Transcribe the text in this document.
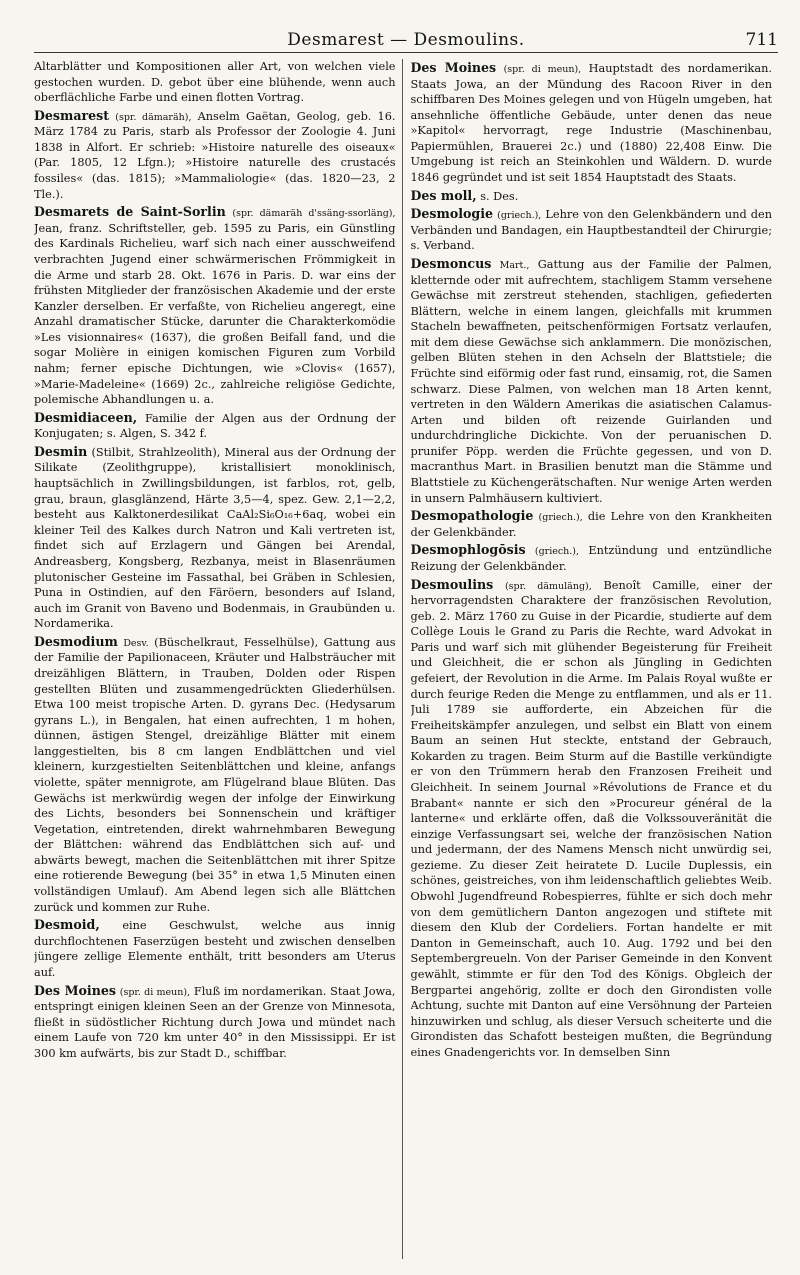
Desmarest — Desmoulins.	711

Altarblätter und Kompositionen aller Art, von welchen viele gestochen wurden. D. gebot über eine blühende, wenn auch oberflächliche Farbe und einen flotten Vortrag.

Desmarest (spr. dämaräh), Anselm Gaëtan, Geolog, geb. 16. März 1784 zu Paris, starb als Professor der Zoologie 4. Juni 1838 in Alfort. Er schrieb: »Histoire naturelle des oiseaux« (Par. 1805, 12 Lfgn.); »Histoire naturelle des crustacés fossiles« (das. 1815); »Mammaliologie« (das. 1820—23, 2 Tle.).

Desmarets de Saint-Sorlin (spr. dämaräh d'ssäng-ssorläng), Jean, franz. Schriftsteller, geb. 1595 zu Paris, ein Günstling des Kardinals Richelieu, warf sich nach einer ausschweifend verbrachten Jugend einer schwärmerischen Frömmigkeit in die Arme und starb 28. Okt. 1676 in Paris. D. war eins der frühsten Mitglieder der französischen Akademie und der erste Kanzler derselben. Er verfaßte, von Richelieu angeregt, eine Anzahl dramatischer Stücke, darunter die Charakterkomödie »Les visionnaires« (1637), die großen Beifall fand, und die sogar Molière in einigen komischen Figuren zum Vorbild nahm; ferner epische Dichtungen, wie »Clovis« (1657), »Marie-Madeleine« (1669) 2c., zahlreiche religiöse Gedichte, polemische Abhandlungen u. a.

Desmidiaceen, Familie der Algen aus der Ordnung der Konjugaten; s. Algen, S. 342 f.

Desmin (Stilbit, Strahlzeolith), Mineral aus der Ordnung der Silikate (Zeolithgruppe), kristallisiert monoklinisch, hauptsächlich in Zwillingsbildungen, ist farblos, rot, gelb, grau, braun, glasglänzend, Härte 3,5—4, spez. Gew. 2,1—2,2, besteht aus Kalktonerdesilikat CaAl₂Si₆O₁₆+6aq, wobei ein kleiner Teil des Kalkes durch Natron und Kali vertreten ist, findet sich auf Erzlagern und Gängen bei Arendal, Andreasberg, Kongsberg, Rezbanya, meist in Blasenräumen plutonischer Gesteine im Fassathal, bei Gräben in Schlesien, Puna in Ostindien, auf den Färöern, besonders auf Island, auch im Granit von Baveno und Bodenmais, in Graubünden u. Nordamerika.

Desmodium Desv. (Büschelkraut, Fesselhülse), Gattung aus der Familie der Papilionaceen, Kräuter und Halbsträucher mit dreizähligen Blättern, in Trauben, Dolden oder Rispen gestellten Blüten und zusammengedrückten Gliederhülsen. Etwa 100 meist tropische Arten. D. gyrans Dec. (Hedysarum gyrans L.), in Bengalen, hat einen aufrechten, 1 m hohen, dünnen, ästigen Stengel, dreizählige Blätter mit einem langgestielten, bis 8 cm langen Endblättchen und viel kleinern, kurzgestielten Seitenblättchen und kleine, anfangs violette, später mennigrote, am Flügelrand blaue Blüten. Das Gewächs ist merkwürdig wegen der infolge der Einwirkung des Lichts, besonders bei Sonnenschein und kräftiger Vegetation, eintretenden, direkt wahrnehmbaren Bewegung der Blättchen: während das Endblättchen sich auf- und abwärts bewegt, machen die Seitenblättchen mit ihrer Spitze eine rotierende Bewegung (bei 35° in etwa 1,5 Minuten einen vollständigen Umlauf). Am Abend legen sich alle Blättchen zurück und kommen zur Ruhe.

Desmoid, eine Geschwulst, welche aus innig durchflochtenen Faserzügen besteht und zwischen denselben jüngere zellige Elemente enthält, tritt besonders am Uterus auf.

Des Moines (spr. di meun), Fluß im nordamerikan. Staat Jowa, entspringt einigen kleinen Seen an der Grenze von Minnesota, fließt in südöstlicher Richtung durch Jowa und mündet nach einem Laufe von 720 km unter 40° in den Mississippi. Er ist 300 km aufwärts, bis zur Stadt D., schiffbar.

Des Moines (spr. di meun), Hauptstadt des nordamerikan. Staats Jowa, an der Mündung des Racoon River in den schiffbaren Des Moines gelegen und von Hügeln umgeben, hat ansehnliche öffentliche Gebäude, unter denen das neue »Kapitol« hervorragt, rege Industrie (Maschinenbau, Papiermühlen, Brauerei 2c.) und (1880) 22,408 Einw. Die Umgebung ist reich an Steinkohlen und Wäldern. D. wurde 1846 gegründet und ist seit 1854 Hauptstadt des Staats.

Des moll, s. Des.

Desmologie (griech.), Lehre von den Gelenkbändern und den Verbänden und Bandagen, ein Hauptbestandteil der Chirurgie; s. Verband.

Desmoncus Mart., Gattung aus der Familie der Palmen, kletternde oder mit aufrechtem, stachligem Stamm versehene Gewächse mit zerstreut stehenden, stachligen, gefiederten Blättern, welche in einem langen, gleichfalls mit krummen Stacheln bewaffneten, peitschenförmigen Fortsatz verlaufen, mit dem diese Gewächse sich anklammern. Die monözischen, gelben Blüten stehen in den Achseln der Blattstiele; die Früchte sind eiförmig oder fast rund, einsamig, rot, die Samen schwarz. Diese Palmen, von welchen man 18 Arten kennt, vertreten in den Wäldern Amerikas die asiatischen Calamus-Arten und bilden oft reizende Guirlanden und undurchdringliche Dickichte. Von der peruanischen D. prunifer Pöpp. werden die Früchte gegessen, und von D. macranthus Mart. in Brasilien benutzt man die Stämme und Blattstiele zu Küchengerätschaften. Nur wenige Arten werden in unsern Palmhäusern kultiviert.

Desmopathologie (griech.), die Lehre von den Krankheiten der Gelenkbänder.

Desmophlogōsis (griech.), Entzündung und entzündliche Reizung der Gelenkbänder.

Desmoulins (spr. dämuläng), Benoît Camille, einer der hervorragendsten Charaktere der französischen Revolution, geb. 2. März 1760 zu Guise in der Picardie, studierte auf dem Collège Louis le Grand zu Paris die Rechte, ward Advokat in Paris und warf sich mit glühender Begeisterung für Freiheit und Gleichheit, die er schon als Jüngling in Gedichten gefeiert, der Revolution in die Arme. Im Palais Royal wußte er durch feurige Reden die Menge zu entflammen, und als er 11. Juli 1789 sie aufforderte, ein Abzeichen für die Freiheitskämpfer anzulegen, und selbst ein Blatt von einem Baum an seinen Hut steckte, entstand der Gebrauch, Kokarden zu tragen. Beim Sturm auf die Bastille verkündigte er von den Trümmern herab den Franzosen Freiheit und Gleichheit. In seinem Journal »Révolutions de France et du Brabant« nannte er sich den »Procureur général de la lanterne« und erklärte offen, daß die Volkssouveränität die einzige Verfassungsart sei, welche der französischen Nation und jedermann, der des Namens Mensch nicht unwürdig sei, gezieme. Zu dieser Zeit heiratete D. Lucile Duplessis, ein schönes, geistreiches, von ihm leidenschaftlich geliebtes Weib. Obwohl Jugendfreund Robespierres, fühlte er sich doch mehr von dem gemütlichern Danton angezogen und stiftete mit diesem den Klub der Cordeliers. Fortan handelte er mit Danton in Gemeinschaft, auch 10. Aug. 1792 und bei den Septembergreueln. Von der Pariser Gemeinde in den Konvent gewählt, stimmte er für den Tod des Königs. Obgleich der Bergpartei angehörig, zollte er doch den Girondisten volle Achtung, suchte mit Danton auf eine Versöhnung der Parteien hinzuwirken und schlug, als dieser Versuch scheiterte und die Girondisten das Schafott besteigen mußten, die Begründung eines Gnadengerichts vor. In demselben Sinn
